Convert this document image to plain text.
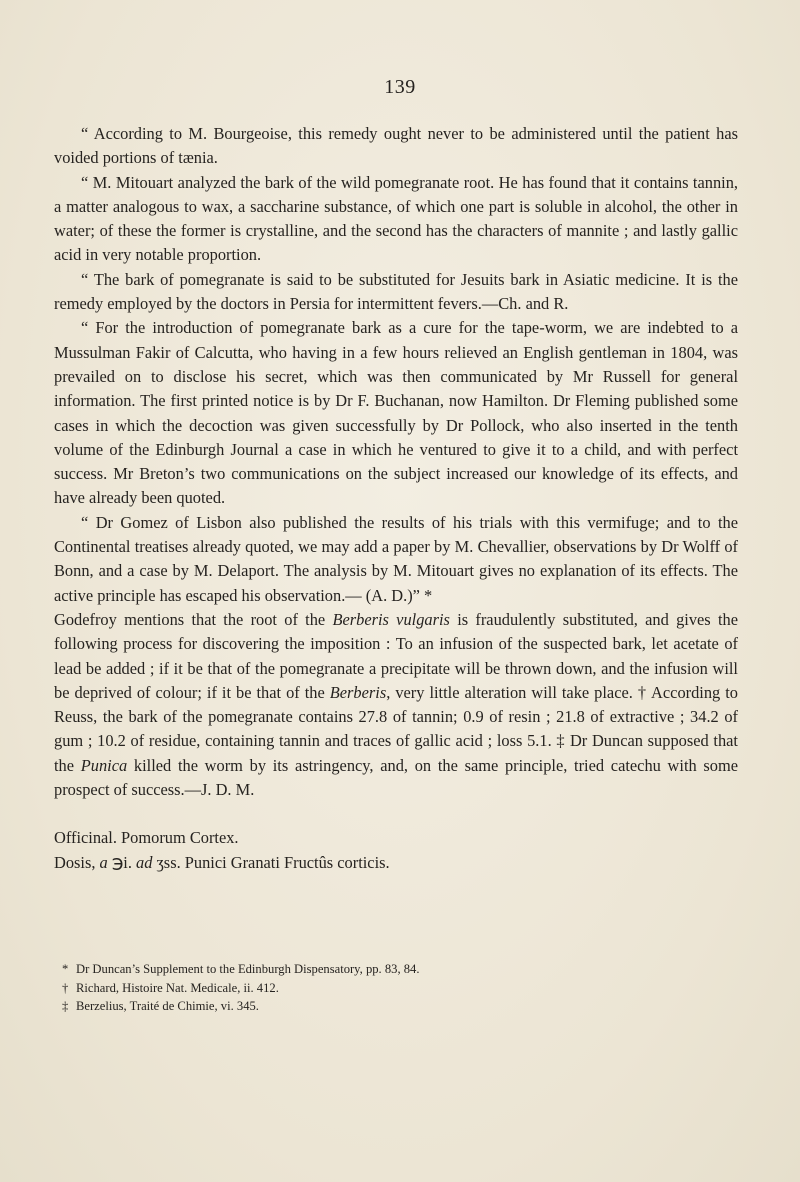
139

“ According to M. Bourgeoise, this remedy ought never to be administered until the patient has voided portions of tænia.

“ M. Mitouart analyzed the bark of the wild pomegranate root. He has found that it contains tannin, a matter analogous to wax, a saccharine substance, of which one part is soluble in alcohol, the other in water; of these the former is crystalline, and the second has the characters of mannite ; and lastly gallic acid in very notable proportion.

“ The bark of pomegranate is said to be substituted for Jesuits bark in Asiatic medicine. It is the remedy employed by the doctors in Persia for intermittent fevers.—Ch. and R.

“ For the introduction of pomegranate bark as a cure for the tape-worm, we are indebted to a Mussulman Fakir of Calcutta, who having in a few hours relieved an English gentleman in 1804, was prevailed on to disclose his secret, which was then communicated by Mr Russell for general information. The first printed notice is by Dr F. Buchanan, now Hamilton. Dr Fleming published some cases in which the decoction was given successfully by Dr Pollock, who also inserted in the tenth volume of the Edinburgh Journal a case in which he ventured to give it to a child, and with perfect success. Mr Breton’s two communications on the subject increased our knowledge of its effects, and have already been quoted.

“ Dr Gomez of Lisbon also published the results of his trials with this vermifuge; and to the Continental treatises already quoted, we may add a paper by M. Chevallier, observations by Dr Wolff of Bonn, and a case by M. Delaport. The analysis by M. Mitouart gives no explanation of its effects. The active principle has escaped his observation.— (A. D.)” *

Godefroy mentions that the root of the Berberis vulgaris is fraudulently substituted, and gives the following process for discovering the imposition : To an infusion of the suspected bark, let acetate of lead be added ; if it be that of the pomegranate a precipitate will be thrown down, and the infusion will be deprived of colour; if it be that of the Berberis, very little alteration will take place. † According to Reuss, the bark of the pomegranate contains 27.8 of tannin; 0.9 of resin ; 21.8 of extractive ; 34.2 of gum ; 10.2 of residue, containing tannin and traces of gallic acid ; loss 5.1. ‡ Dr Duncan supposed that the Punica killed the worm by its astringency, and, on the same principle, tried catechu with some prospect of success.—J. D. M.

Officinal. Pomorum Cortex.

Dosis, a ℈i. ad ʒss. Punici Granati Fructûs corticis.

* Dr Duncan’s Supplement to the Edinburgh Dispensatory, pp. 83, 84.

† Richard, Histoire Nat. Medicale, ii. 412.

‡ Berzelius, Traité de Chimie, vi. 345.
